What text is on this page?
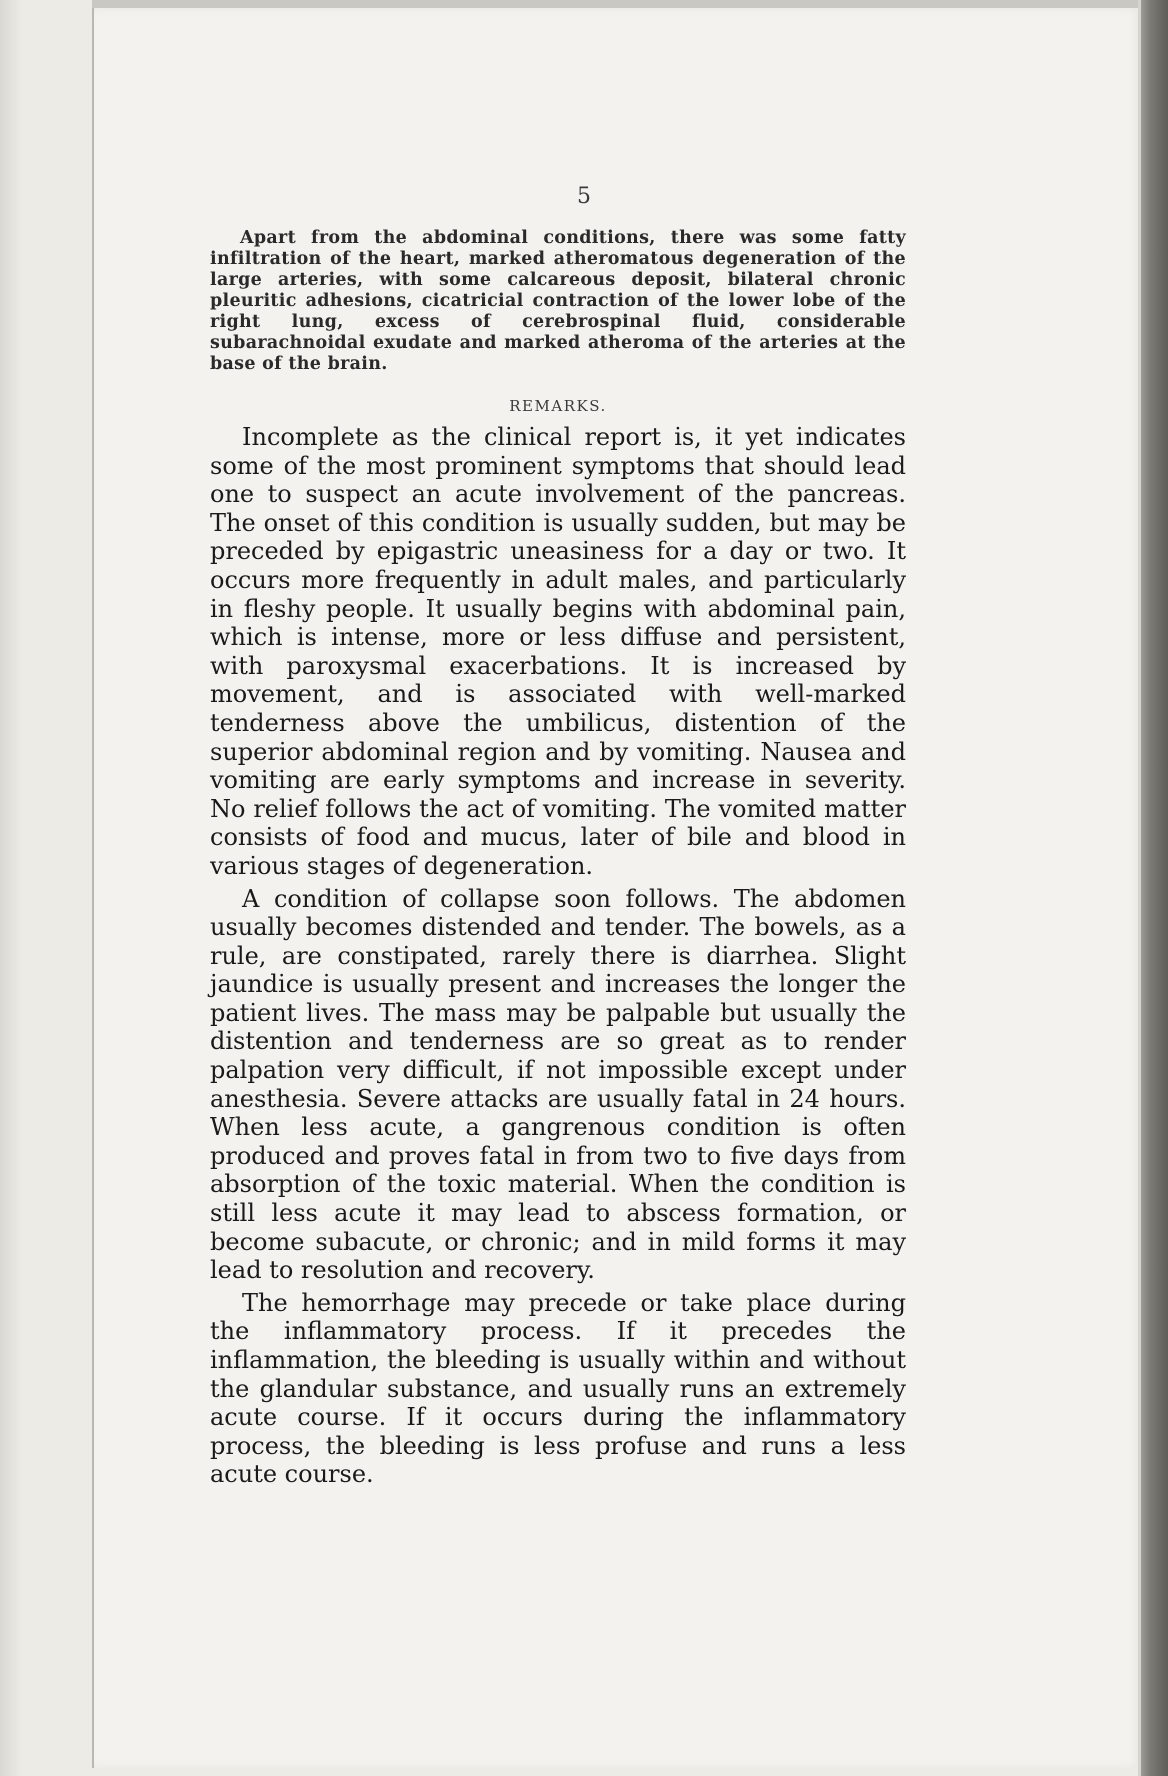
5

Apart from the abdominal conditions, there was some fatty infiltration of the heart, marked atheromatous degeneration of the large arteries, with some calcareous deposit, bilateral chronic pleuritic adhesions, cicatricial contraction of the lower lobe of the right lung, excess of cerebrospinal fluid, considerable subarachnoidal exudate and marked atheroma of the arteries at the base of the brain.

REMARKS.

Incomplete as the clinical report is, it yet indicates some of the most prominent symptoms that should lead one to suspect an acute involvement of the pancreas. The onset of this condition is usually sudden, but may be preceded by epigastric uneasiness for a day or two. It occurs more frequently in adult males, and particularly in fleshy people. It usually begins with abdominal pain, which is intense, more or less diffuse and persistent, with paroxysmal exacerbations. It is increased by movement, and is associated with well-marked tenderness above the umbilicus, distention of the superior abdominal region and by vomiting. Nausea and vomiting are early symptoms and increase in severity. No relief follows the act of vomiting. The vomited matter consists of food and mucus, later of bile and blood in various stages of degeneration.

A condition of collapse soon follows. The abdomen usually becomes distended and tender. The bowels, as a rule, are constipated, rarely there is diarrhea. Slight jaundice is usually present and increases the longer the patient lives. The mass may be palpable but usually the distention and tenderness are so great as to render palpation very difficult, if not impossible except under anesthesia. Severe attacks are usually fatal in 24 hours. When less acute, a gangrenous condition is often produced and proves fatal in from two to five days from absorption of the toxic material. When the condition is still less acute it may lead to abscess formation, or become subacute, or chronic; and in mild forms it may lead to resolution and recovery.

The hemorrhage may precede or take place during the inflammatory process. If it precedes the inflammation, the bleeding is usually within and without the glandular substance, and usually runs an extremely acute course. If it occurs during the inflammatory process, the bleeding is less profuse and runs a less acute course.
